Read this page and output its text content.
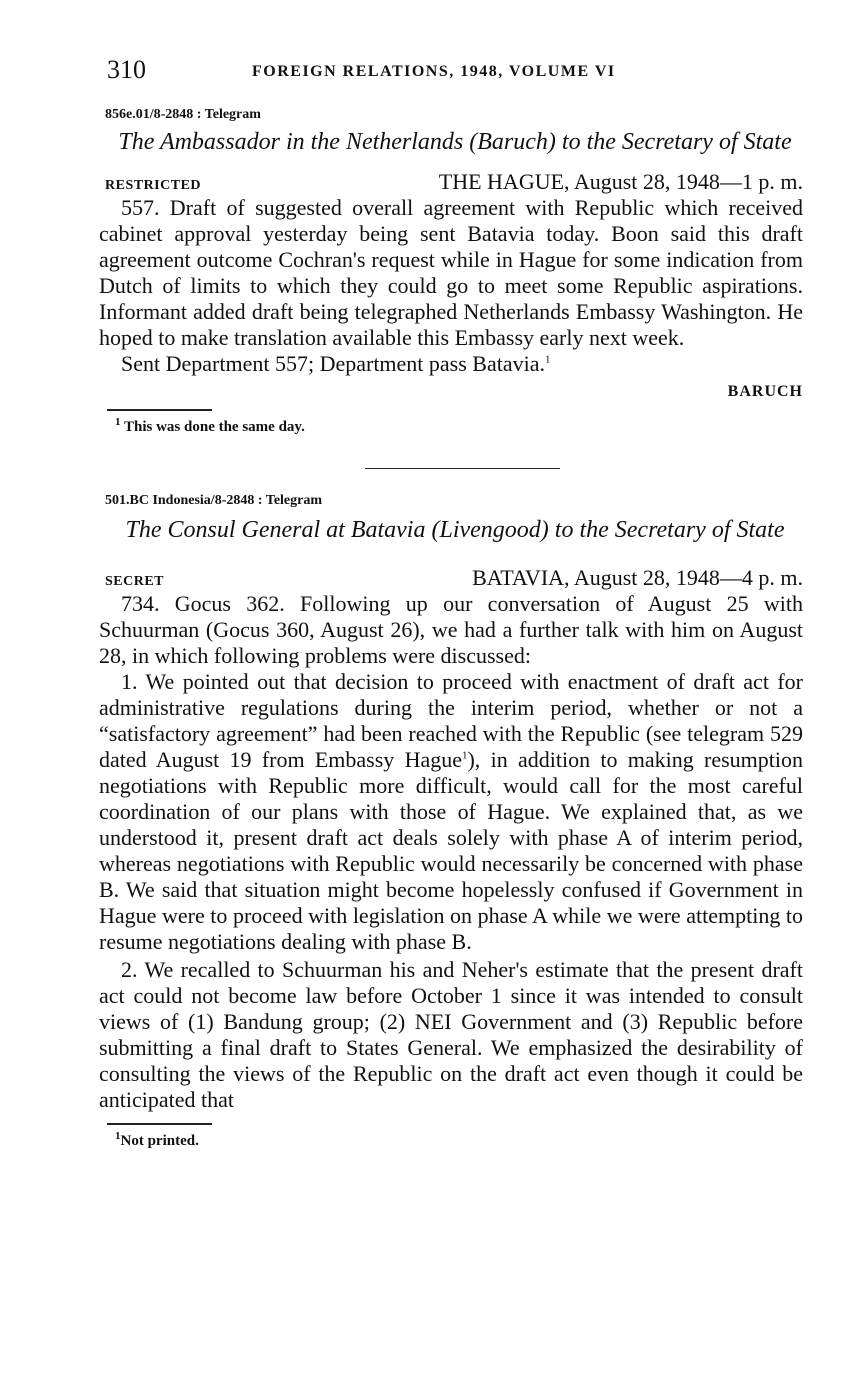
310	FOREIGN RELATIONS, 1948, VOLUME VI
856e.01/8-2848 : Telegram
The Ambassador in the Netherlands (Baruch) to the Secretary of State
RESTRICTED	THE HAGUE, August 28, 1948—1 p. m.

557. Draft of suggested overall agreement with Republic which received cabinet approval yesterday being sent Batavia today. Boon said this draft agreement outcome Cochran's request while in Hague for some indication from Dutch of limits to which they could go to meet some Republic aspirations. Informant added draft being telegraphed Netherlands Embassy Washington. He hoped to make translation available this Embassy early next week.

Sent Department 557; Department pass Batavia.$^1$

BARUCH
$^1$ This was done the same day.
501.BC Indonesia/8-2848 : Telegram
The Consul General at Batavia (Livengood) to the Secretary of State
SECRET	BATAVIA, August 28, 1948—4 p. m.

734. Gocus 362. Following up our conversation of August 25 with Schuurman (Gocus 360, August 26), we had a further talk with him on August 28, in which following problems were discussed:

1. We pointed out that decision to proceed with enactment of draft act for administrative regulations during the interim period, whether or not a “satisfactory agreement” had been reached with the Republic (see telegram 529 dated August 19 from Embassy Hague$^1$), in addition to making resumption negotiations with Republic more difficult, would call for the most careful coordination of our plans with those of Hague. We explained that, as we understood it, present draft act deals solely with phase A of interim period, whereas negotiations with Republic would necessarily be concerned with phase B. We said that situation might become hopelessly confused if Government in Hague were to proceed with legislation on phase A while we were attempting to resume negotiations dealing with phase B.

2. We recalled to Schuurman his and Neher's estimate that the present draft act could not become law before October 1 since it was intended to consult views of (1) Bandung group; (2) NEI Government and (3) Republic before submitting a final draft to States General. We emphasized the desirability of consulting the views of the Republic on the draft act even though it could be anticipated that

$^1$Not printed.
